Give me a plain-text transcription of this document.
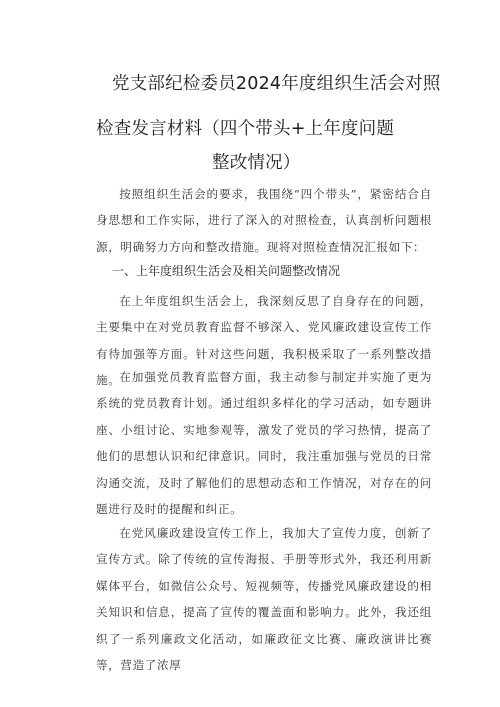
党支部纪检委员2024年度组织生活会对照
检查发言材料（四个带头+上年度问题
整改情况）
按照组织生活会的要求，我围绕“四个带头”，紧密结合自身思想和工作实际，进行了深入的对照检查，认真剖析问题根源，明确努力方向和整改措施。现将对照检查情况汇报如下：
一、上年度组织生活会及相关问题整改情况
在上年度组织生活会上，我深刻反思了自身存在的问题，主要集中在对党员教育监督不够深入、党风廉政建设宣传工作有待加强等方面。针对这些问题，我积极采取了一系列整改措施。
在加强党员教育监督方面，我主动参与制定并实施了更为系统的党员教育计划。通过组织多样化的学习活动，如专题讲座、小组讨论、实地参观等，激发了党员的学习热情，提高了他们的思想认识和纪律意识。同时，我注重加强与党员的日常沟通交流，及时了解他们的思想动态和工作情况，对存在的问题进行及时的提醒和纠正。
在党风廉政建设宣传工作上，我加大了宣传力度，创新了宣传方式。除了传统的宣传海报、手册等形式外，我还利用新媒体平台，如微信公众号、短视频等，传播党风廉政建设的相关知识和信息，提高了宣传的覆盖面和影响力。此外，我还组织了一系列廉政文化活动，如廉政征文比赛、廉政演讲比赛等，营造了浓厚
